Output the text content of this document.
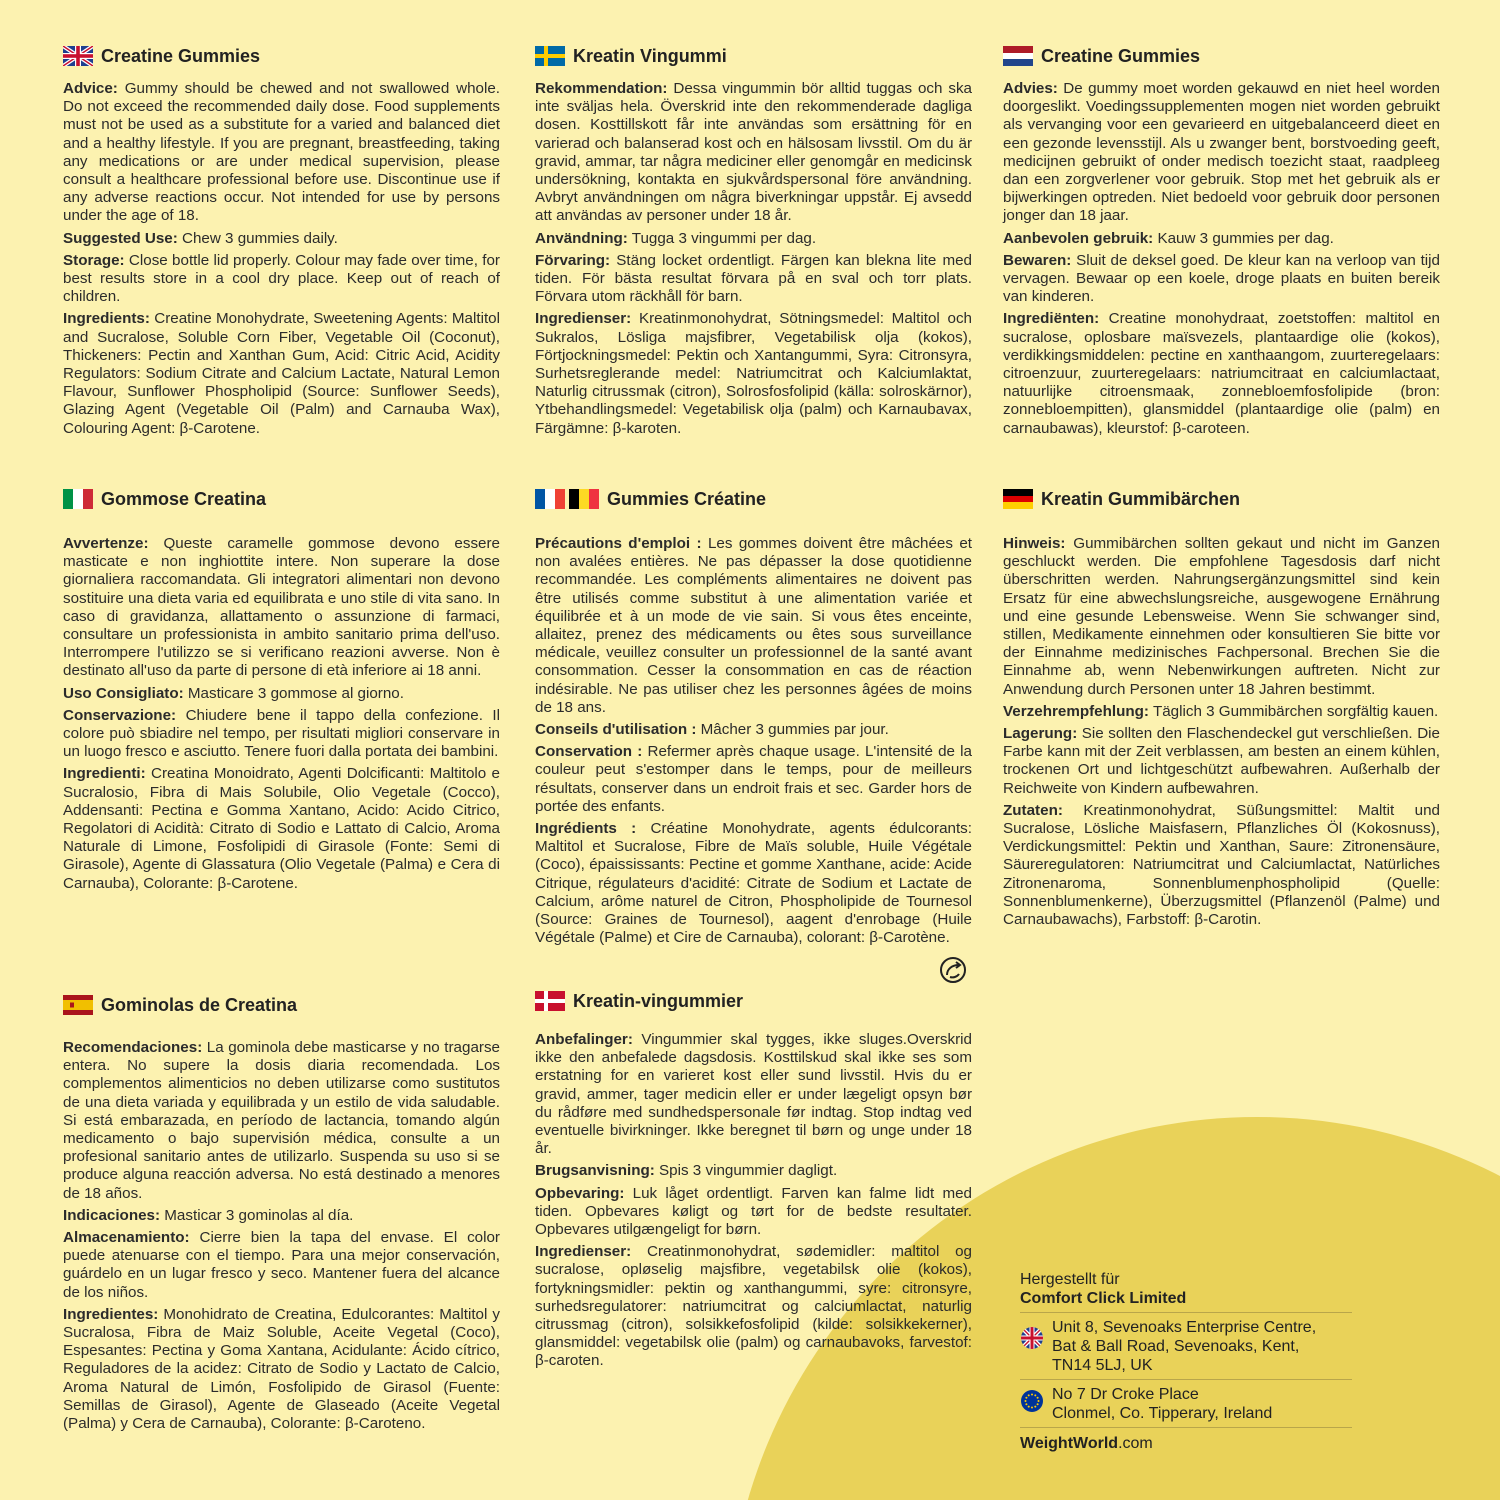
Creatine Gummies

Advice: Gummy should be chewed and not swallowed whole. Do not exceed the recommended daily dose. Food supplements must not be used as a substitute for a varied and balanced diet and a healthy lifestyle. If you are pregnant, breastfeeding, taking any medications or are under medical supervision, please consult a healthcare professional before use. Discontinue use if any adverse reactions occur. Not intended for use by persons under the age of 18.

Suggested Use: Chew 3 gummies daily.

Storage: Close bottle lid properly. Colour may fade over time, for best results store in a cool dry place. Keep out of reach of children.

Ingredients: Creatine Monohydrate, Sweetening Agents: Maltitol and Sucralose, Soluble Corn Fiber, Vegetable Oil (Coconut), Thickeners: Pectin and Xanthan Gum, Acid: Citric Acid, Acidity Regulators: Sodium Citrate and Calcium Lactate, Natural Lemon Flavour, Sunflower Phospholipid (Source: Sunflower Seeds), Glazing Agent (Vegetable Oil (Palm) and Carnauba Wax), Colouring Agent: β-Carotene.

Kreatin Vingummi

Rekommendation: Dessa vingummin bör alltid tuggas och ska inte sväljas hela. Överskrid inte den rekommenderade dagliga dosen. Kosttillskott får inte användas som ersättning för en varierad och balanserad kost och en hälsosam livsstil. Om du är gravid, ammar, tar några mediciner eller genomgår en medicinsk undersökning, kontakta en sjukvårdspersonal före användning. Avbryt användningen om några biverkningar uppstår. Ej avsedd att användas av personer under 18 år.

Användning: Tugga 3 vingummi per dag.

Förvaring: Stäng locket ordentligt. Färgen kan blekna lite med tiden. För bästa resultat förvara på en sval och torr plats. Förvara utom räckhåll för barn.

Ingredienser: Kreatinmonohydrat, Sötningsmedel: Maltitol och Sukralos, Lösliga majsfibrer, Vegetabilisk olja (kokos), Förtjockningsmedel: Pektin och Xantangummi, Syra: Citronsyra, Surhetsreglerande medel: Natriumcitrat och Kalciumlaktat, Naturlig citrussmak (citron), Solrosfosfolipid (källa: solroskärnor), Ytbehandlingsmedel: Vegetabilisk olja (palm) och Karnaubavax, Färgämne: β-karoten.

Creatine Gummies

Advies: De gummy moet worden gekauwd en niet heel worden doorgeslikt. Voedingssupplementen mogen niet worden gebruikt als vervanging voor een gevarieerd en uitgebalanceerd dieet en een gezonde levensstijl. Als u zwanger bent, borstvoeding geeft, medicijnen gebruikt of onder medisch toezicht staat, raadpleeg dan een zorgverlener voor gebruik. Stop met het gebruik als er bijwerkingen optreden. Niet bedoeld voor gebruik door personen jonger dan 18 jaar.

Aanbevolen gebruik: Kauw 3 gummies per dag.

Bewaren: Sluit de deksel goed. De kleur kan na verloop van tijd vervagen. Bewaar op een koele, droge plaats en buiten bereik van kinderen.

Ingrediënten: Creatine monohydraat, zoetstoffen: maltitol en sucralose, oplosbare maïsvezels, plantaardige olie (kokos), verdikkingsmiddelen: pectine en xanthaangom, zuurteregelaars: citroenzuur, zuurteregelaars: natriumcitraat en calciumlactaat, natuurlijke citroensmaak, zonnebloemfosfolipide (bron: zonnebloempitten), glansmiddel (plantaardige olie (palm) en carnaubawas), kleurstof: β-caroteen.

Gommose Creatina

Avvertenze: Queste caramelle gommose devono essere masticate e non inghiottite intere. Non superare la dose giornaliera raccomandata. Gli integratori alimentari non devono sostituire una dieta varia ed equilibrata e uno stile di vita sano. In caso di gravidanza, allattamento o assunzione di farmaci, consultare un professionista in ambito sanitario prima dell'uso. Interrompere l'utilizzo se si verificano reazioni avverse. Non è destinato all'uso da parte di persone di età inferiore ai 18 anni.

Uso Consigliato: Masticare 3 gommose al giorno.

Conservazione: Chiudere bene il tappo della confezione. Il colore può sbiadire nel tempo, per risultati migliori conservare in un luogo fresco e asciutto. Tenere fuori dalla portata dei bambini.

Ingredienti: Creatina Monoidrato, Agenti Dolcificanti: Maltitolo e Sucralosio, Fibra di Mais Solubile, Olio Vegetale (Cocco), Addensanti: Pectina e Gomma Xantano, Acido: Acido Citrico, Regolatori di Acidità: Citrato di Sodio e Lattato di Calcio, Aroma Naturale di Limone, Fosfolipidi di Girasole (Fonte: Semi di Girasole), Agente di Glassatura (Olio Vegetale (Palma) e Cera di Carnauba), Colorante: β-Carotene.

Gummies Créatine

Précautions d'emploi : Les gommes doivent être mâchées et non avalées entières. Ne pas dépasser la dose quotidienne recommandée. Les compléments alimentaires ne doivent pas être utilisés comme substitut à une alimentation variée et équilibrée et à un mode de vie sain. Si vous êtes enceinte, allaitez, prenez des médicaments ou êtes sous surveillance médicale, veuillez consulter un professionnel de la santé avant consommation. Cesser la consommation en cas de réaction indésirable. Ne pas utiliser chez les personnes âgées de moins de 18 ans.

Conseils d'utilisation : Mâcher 3 gummies par jour.

Conservation : Refermer après chaque usage. L'intensité de la couleur peut s'estomper dans le temps, pour de meilleurs résultats, conserver dans un endroit frais et sec. Garder hors de portée des enfants.

Ingrédients : Créatine Monohydrate, agents édulcorants: Maltitol et Sucralose, Fibre de Maïs soluble, Huile Végétale (Coco), épaississants: Pectine et gomme Xanthane, acide: Acide Citrique, régulateurs d'acidité: Citrate de Sodium et Lactate de Calcium, arôme naturel de Citron, Phospholipide de Tournesol (Source: Graines de Tournesol), aagent d'enrobage (Huile Végétale (Palme) et Cire de Carnauba), colorant: β-Carotène.

Kreatin Gummibärchen

Hinweis: Gummibärchen sollten gekaut und nicht im Ganzen geschluckt werden. Die empfohlene Tagesdosis darf nicht überschritten werden. Nahrungsergänzungsmittel sind kein Ersatz für eine abwechslungsreiche, ausgewogene Ernährung und eine gesunde Lebensweise. Wenn Sie schwanger sind, stillen, Medikamente einnehmen oder konsultieren Sie bitte vor der Einnahme medizinisches Fachpersonal. Brechen Sie die Einnahme ab, wenn Nebenwirkungen auftreten. Nicht zur Anwendung durch Personen unter 18 Jahren bestimmt.

Verzehrempfehlung: Täglich 3 Gummibärchen sorgfältig kauen.

Lagerung: Sie sollten den Flaschendeckel gut verschließen. Die Farbe kann mit der Zeit verblassen, am besten an einem kühlen, trockenen Ort und lichtgeschützt aufbewahren. Außerhalb der Reichweite von Kindern aufbewahren.

Zutaten: Kreatinmonohydrat, Süßungsmittel: Maltit und Sucralose, Lösliche Maisfasern, Pflanzliches Öl (Kokosnuss), Verdickungsmittel: Pektin und Xanthan, Saure: Zitronensäure, Säureregulatoren: Natriumcitrat und Calciumlactat, Natürliches Zitronenaroma, Sonnenblumenphospholipid (Quelle: Sonnenblumenkerne), Überzugsmittel (Pflanzenöl (Palme) und Carnaubawachs), Farbstoff: β-Carotin.

Gominolas de Creatina

Recomendaciones: La gominola debe masticarse y no tragarse entera. No supere la dosis diaria recomendada. Los complementos alimenticios no deben utilizarse como sustitutos de una dieta variada y equilibrada y un estilo de vida saludable. Si está embarazada, en período de lactancia, tomando algún medicamento o bajo supervisión médica, consulte a un profesional sanitario antes de utilizarlo. Suspenda su uso si se produce alguna reacción adversa. No está destinado a menores de 18 años.

Indicaciones: Masticar 3 gominolas al día.

Almacenamiento: Cierre bien la tapa del envase. El color puede atenuarse con el tiempo. Para una mejor conservación, guárdelo en un lugar fresco y seco. Mantener fuera del alcance de los niños.

Ingredientes: Monohidrato de Creatina, Edulcorantes: Maltitol y Sucralosa, Fibra de Maiz Soluble, Aceite Vegetal (Coco), Espesantes: Pectina y Goma Xantana, Acidulante: Ácido cítrico, Reguladores de la acidez: Citrato de Sodio y Lactato de Calcio, Aroma Natural de Limón, Fosfolipido de Girasol (Fuente: Semillas de Girasol), Agente de Glaseado (Aceite Vegetal (Palma) y Cera de Carnauba), Colorante: β-Caroteno.

Kreatin-vingummier

Anbefalinger: Vingummier skal tygges, ikke sluges.Overskrid ikke den anbefalede dagsdosis. Kosttilskud skal ikke ses som erstatning for en varieret kost eller sund livsstil. Hvis du er gravid, ammer, tager medicin eller er under lægeligt opsyn bør du rådføre med sundhedspersonale før indtag. Stop indtag ved eventuelle bivirkninger. Ikke beregnet til børn og unge under 18 år.

Brugsanvisning: Spis 3 vingummier dagligt.

Opbevaring: Luk låget ordentligt. Farven kan falme lidt med tiden. Opbevares køligt og tørt for de bedste resultater. Opbevares utilgængeligt for børn.

Ingredienser: Creatinmonohydrat, sødemidler: maltitol og sucralose, opløselig majsfibre, vegetabilsk olie (kokos), fortykningsmidler: pektin og xanthangummi, syre: citronsyre, surhedsregulatorer: natriumcitrat og calciumlactat, naturlig citrussmag (citron), solsikkefosfolipid (kilde: solsikkekerner), glansmiddel: vegetabilsk olie (palm) og carnaubavoks, farvestof: β-caroten.

Hergestellt für
Comfort Click Limited
Unit 8, Sevenoaks Enterprise Centre,
Bat & Ball Road, Sevenoaks, Kent,
TN14 5LJ, UK
No 7 Dr Croke Place
Clonmel, Co. Tipperary, Ireland
WeightWorld.com
